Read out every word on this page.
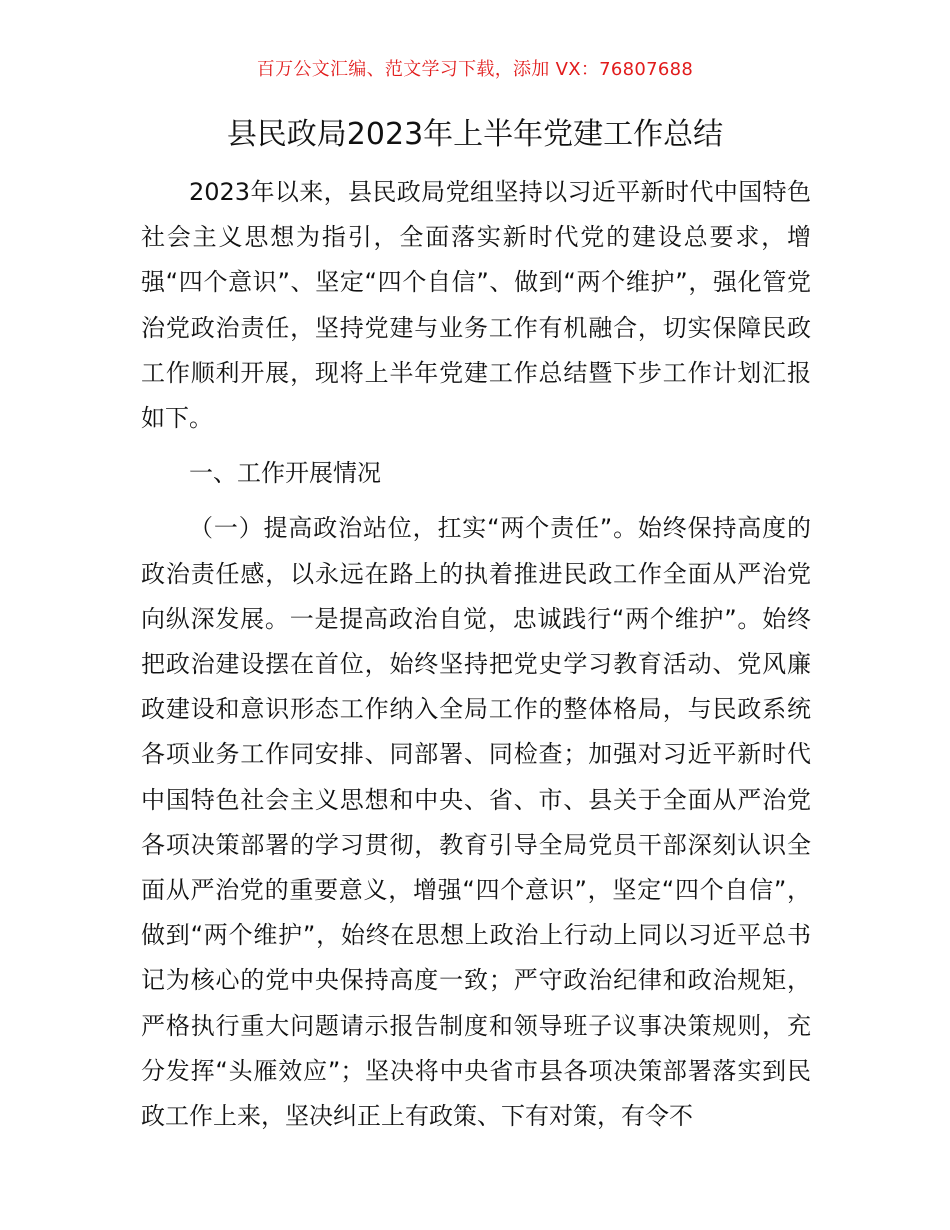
百万公文汇编、范文学习下载，添加 VX：76807688
县民政局2023年上半年党建工作总结

2023年以来，县民政局党组坚持以习近平新时代中国特色社会主义思想为指引，全面落实新时代党的建设总要求，增强“四个意识”、坚定“四个自信”、做到“两个维护”，强化管党治党政治责任，坚持党建与业务工作有机融合，切实保障民政工作顺利开展，现将上半年党建工作总结暨下步工作计划汇报如下。

一、工作开展情况

（一）提高政治站位，扛实“两个责任”。始终保持高度的政治责任感，以永远在路上的执着推进民政工作全面从严治党向纵深发展。一是提高政治自觉，忠诚践行“两个维护”。始终把政治建设摆在首位，始终坚持把党史学习教育活动、党风廉政建设和意识形态工作纳入全局工作的整体格局，与民政系统各项业务工作同安排、同部署、同检查；加强对习近平新时代中国特色社会主义思想和中央、省、市、县关于全面从严治党各项决策部署的学习贯彻，教育引导全局党员干部深刻认识全面从严治党的重要意义，增强“四个意识”，坚定“四个自信”，做到“两个维护”，始终在思想上政治上行动上同以习近平总书记为核心的党中央保持高度一致；严守政治纪律和政治规矩，严格执行重大问题请示报告制度和领导班子议事决策规则，充分发挥“头雁效应”；坚决将中央省市县各项决策部署落实到民政工作上来，坚决纠正上有政策、下有对策，有令不
